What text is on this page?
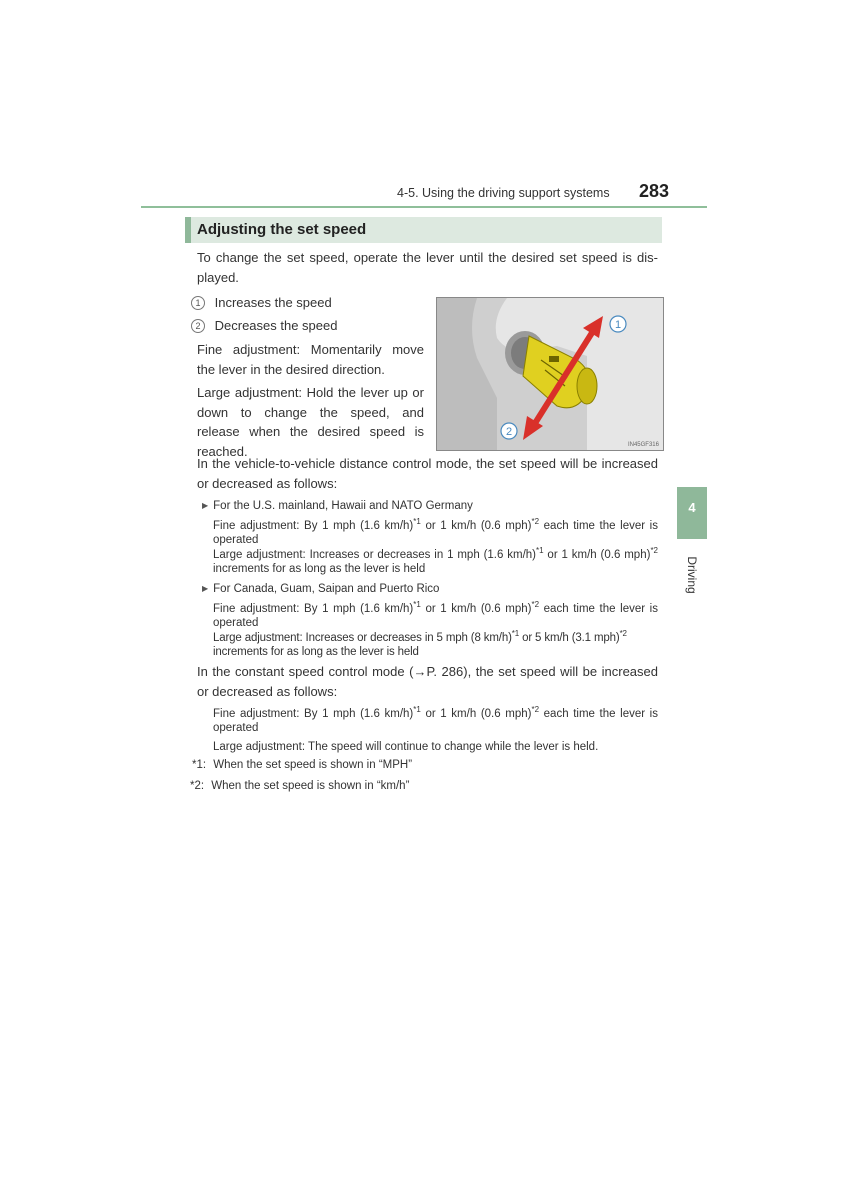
4-5. Using the driving support systems 283
4
Driving
Adjusting the set speed
To change the set speed, operate the lever until the desired set speed is dis- played.
1 Increases the speed
2 Decreases the speed
Fine adjustment: Momentarily move the lever in the desired direction.
Large adjustment: Hold the lever up or down to change the speed, and release when the desired speed is reached.
1
2
IN45GF316
In the vehicle-to-vehicle distance control mode, the set speed will be increased or decreased as follows:
▶ For the U.S. mainland, Hawaii and NATO Germany
Fine adjustment: By 1 mph (1.6 km/h)$^{*1}$ or 1 km/h (0.6 mph)$^{*2}$ each time the lever is operated
Large adjustment: Increases or decreases in 1 mph (1.6 km/h)$^{*1}$ or 1 km/h (0.6 mph)$^{*2}$ increments for as long as the lever is held
▶ For Canada, Guam, Saipan and Puerto Rico
Fine adjustment: By 1 mph (1.6 km/h)$^{*1}$ or 1 km/h (0.6 mph)$^{*2}$ each time the lever is operated
Large adjustment: Increases or decreases in 5 mph (8 km/h)$^{*1}$ or 5 km/h (3.1 mph)$^{*2}$ increments for as long as the lever is held
In the constant speed control mode (→P. 286), the set speed will be increased or decreased as follows:
Fine adjustment: By 1 mph (1.6 km/h)$^{*1}$ or 1 km/h (0.6 mph)$^{*2}$ each time the lever is operated
Large adjustment: The speed will continue to change while the lever is held.
*1: When the set speed is shown in “MPH”
*2: When the set speed is shown in “km/h”
